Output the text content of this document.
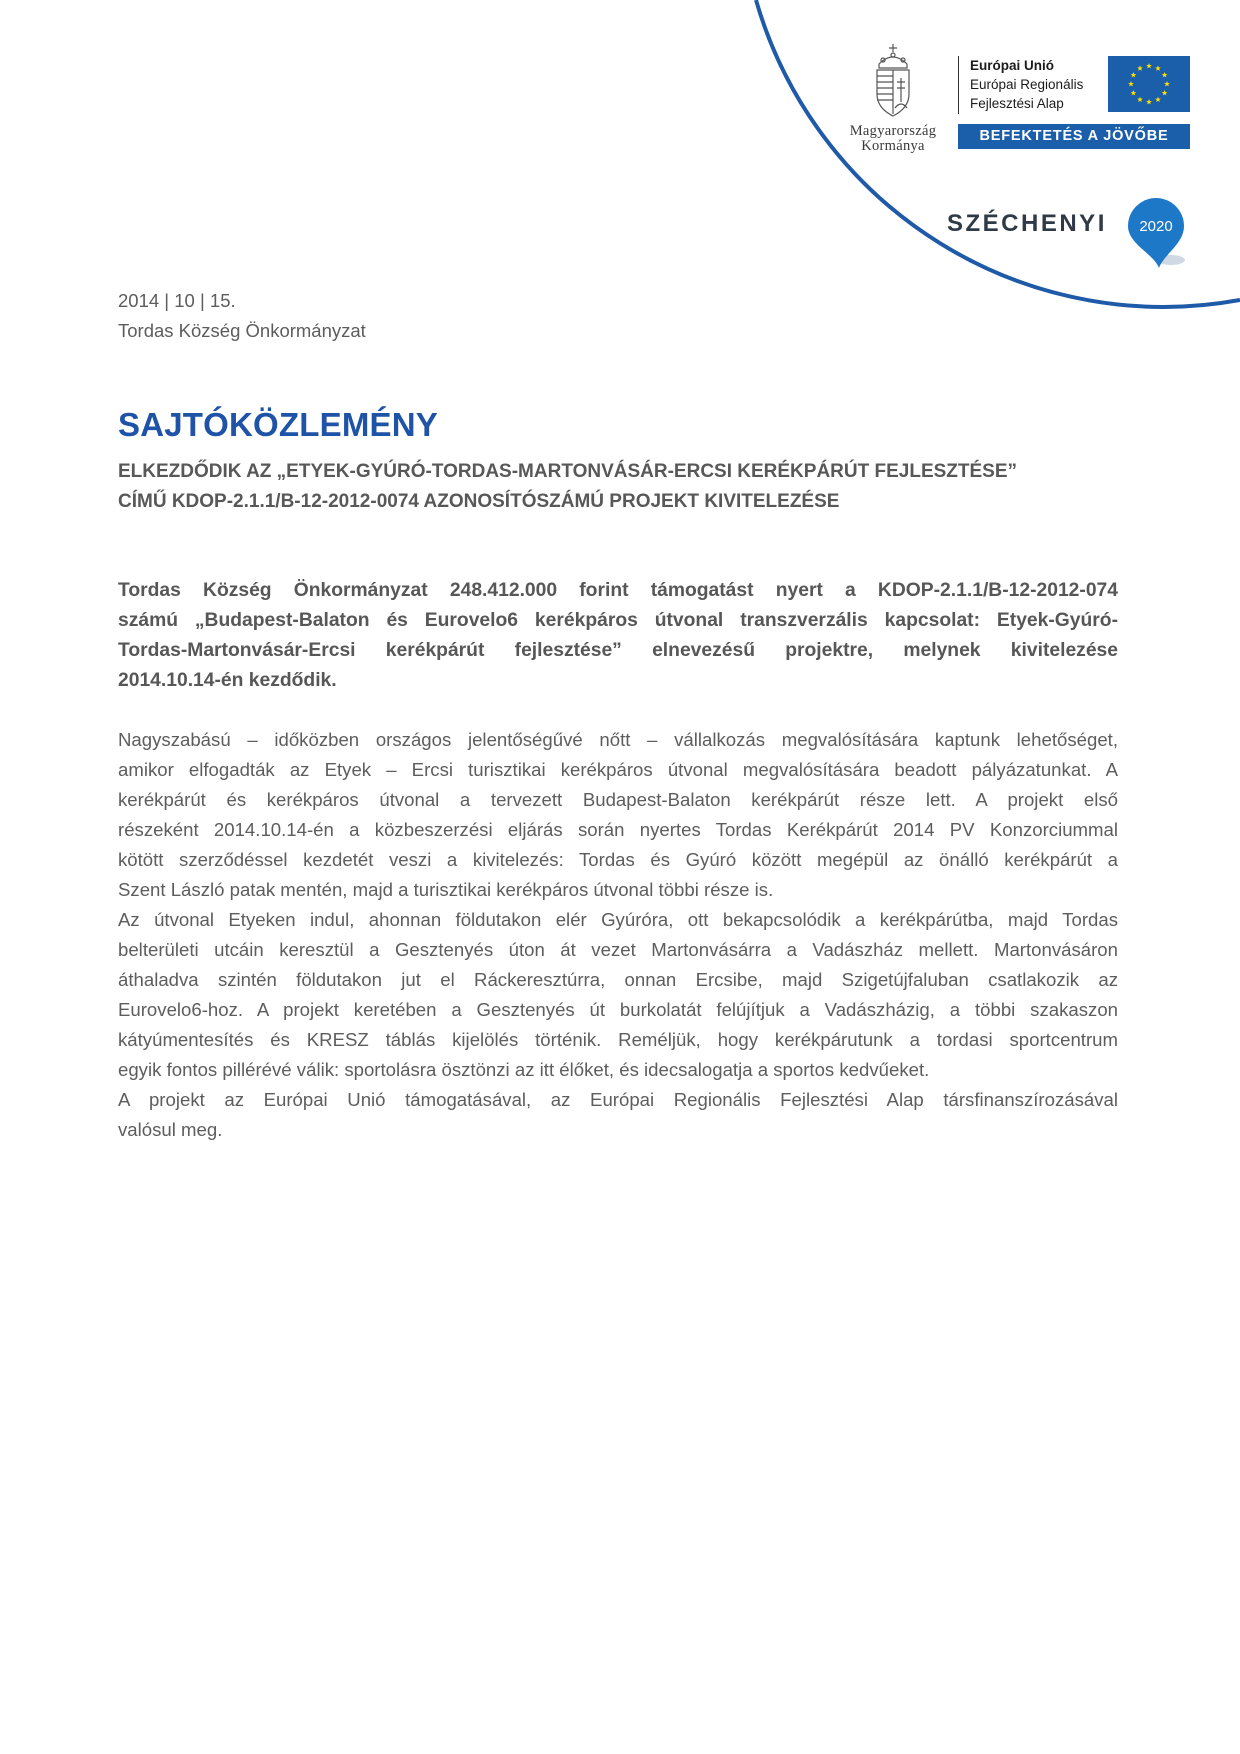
Magyarország
Kormánya
Európai Unió
Európai Regionális
Fejlesztési Alap
BEFEKTETÉS A JÖVŐBE
SZÉCHENYI 2020
2014 | 10 | 15.
Tordas Község Önkormányzat
SAJTÓKÖZLEMÉNY
ELKEZDŐDIK AZ „ETYEK-GYÚRÓ-TORDAS-MARTONVÁSÁR-ERCSI KERÉKPÁRÚT FEJLESZTÉSE”
CÍMŰ KDOP-2.1.1/B-12-2012-0074 AZONOSÍTÓSZÁMÚ PROJEKT KIVITELEZÉSE
Tordas Község Önkormányzat 248.412.000 forint támogatást nyert a KDOP-2.1.1/B-12-2012-074
számú „Budapest-Balaton és Eurovelo6 kerékpáros útvonal transzverzális kapcsolat: Etyek-Gyúró-
Tordas-Martonvásár-Ercsi kerékpárút fejlesztése” elnevezésű projektre, melynek kivitelezése
2014.10.14-én kezdődik.
Nagyszabású – időközben országos jelentőségűvé nőtt – vállalkozás megvalósítására kaptunk lehetőséget,
amikor elfogadták az Etyek – Ercsi turisztikai kerékpáros útvonal megvalósítására beadott pályázatunkat. A
kerékpárút és kerékpáros útvonal a tervezett Budapest-Balaton kerékpárút része lett. A projekt első
részeként 2014.10.14-én a közbeszerzési eljárás során nyertes Tordas Kerékpárút 2014 PV Konzorciummal
kötött szerződéssel kezdetét veszi a kivitelezés: Tordas és Gyúró között megépül az önálló kerékpárút a
Szent László patak mentén, majd a turisztikai kerékpáros útvonal többi része is.
Az útvonal Etyeken indul, ahonnan földutakon elér Gyúróra, ott bekapcsolódik a kerékpárútba, majd Tordas
belterületi utcáin keresztül a Gesztenyés úton át vezet Martonvásárra a Vadászház mellett. Martonvásáron
áthaladva szintén földutakon jut el Ráckeresztúrra, onnan Ercsibe, majd Szigetújfaluban csatlakozik az
Eurovelo6-hoz. A projekt keretében a Gesztenyés út burkolatát felújítjuk a Vadászházig, a többi szakaszon
kátyúmentesítés és KRESZ táblás kijelölés történik. Reméljük, hogy kerékpárutunk a tordasi sportcentrum
egyik fontos pillérévé válik: sportolásra ösztönzi az itt élőket, és idecsalogatja a sportos kedvűeket.
A projekt az Európai Unió támogatásával, az Európai Regionális Fejlesztési Alap társfinanszírozásával
valósul meg.
